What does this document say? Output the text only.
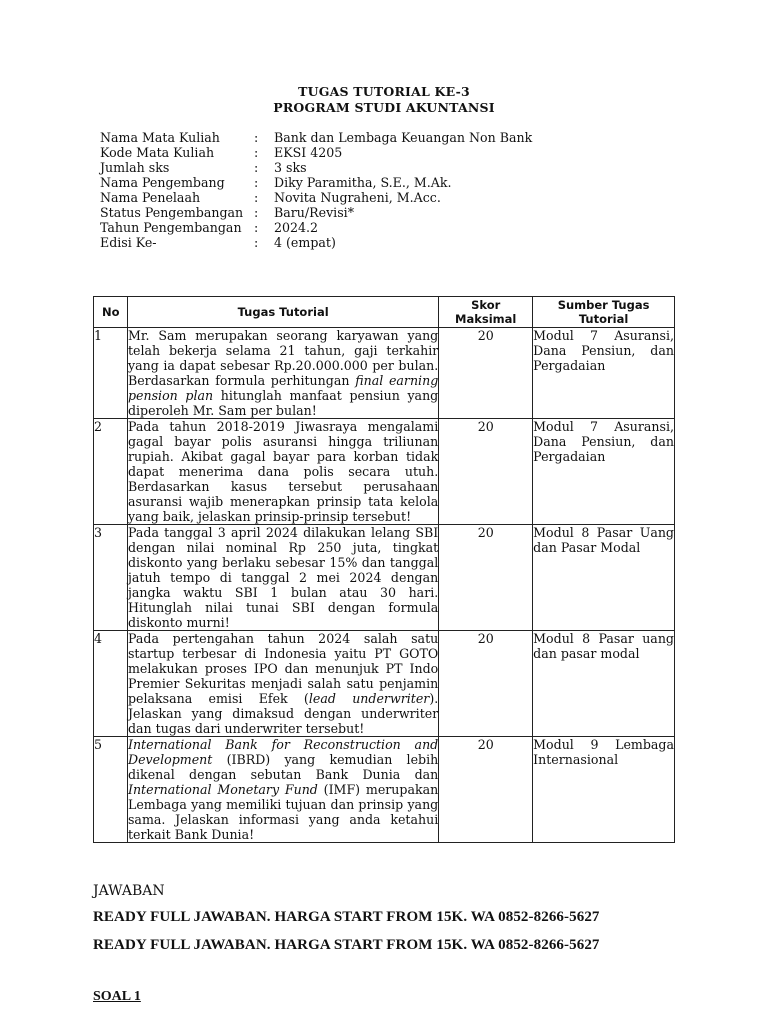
TUGAS TUTORIAL KE-3
PROGRAM STUDI AKUNTANSI
Nama Mata Kuliah	: Bank dan Lembaga Keuangan Non Bank
Kode Mata Kuliah	: EKSI 4205
Jumlah sks	: 3 sks
Nama Pengembang : Diky Paramitha, S.E., M.Ak.
Nama Penelaah	: Novita Nugraheni, M.Acc.
Status Pengembangan : Baru/Revisi*
Tahun Pengembangan : 2024.2
Edisi Ke-	: 4 (empat)
No	Tugas Tutorial	Skor Maksimal	Sumber Tugas Tutorial
1	Mr. Sam merupakan seorang karyawan yang telah bekerja selama 21 tahun, gaji terkahir yang ia dapat sebesar Rp.20.000.000 per bulan. Berdasarkan formula perhitungan final earning pension plan hitunglah manfaat pensiun yang diperoleh Mr. Sam per bulan!	20	Modul 7 Asuransi, Dana Pensiun, dan Pergadaian
2	Pada tahun 2018-2019 Jiwasraya mengalami gagal bayar polis asuransi hingga triliunan rupiah. Akibat gagal bayar para korban tidak dapat menerima dana polis secara utuh. Berdasarkan kasus tersebut perusahaan asuransi wajib menerapkan prinsip tata kelola yang baik, jelaskan prinsip-prinsip tersebut!	20	Modul 7 Asuransi, Dana Pensiun, dan Pergadaian
3	Pada tanggal 3 april 2024 dilakukan lelang SBI dengan nilai nominal Rp 250 juta, tingkat diskonto yang berlaku sebesar 15% dan tanggal jatuh tempo di tanggal 2 mei 2024 dengan jangka waktu SBI 1 bulan atau 30 hari. Hitunglah nilai tunai SBI dengan formula diskonto murni!	20	Modul 8 Pasar Uang dan Pasar Modal
4	Pada pertengahan tahun 2024 salah satu startup terbesar di Indonesia yaitu PT GOTO melakukan proses IPO dan menunjuk PT Indo Premier Sekuritas menjadi salah satu penjamin pelaksana emisi Efek (lead underwriter). Jelaskan yang dimaksud dengan underwriter dan tugas dari underwriter tersebut!	20	Modul 8 Pasar uang dan pasar modal
5	International Bank for Reconstruction and Development (IBRD) yang kemudian lebih dikenal dengan sebutan Bank Dunia dan International Monetary Fund (IMF) merupakan Lembaga yang memiliki tujuan dan prinsip yang sama. Jelaskan informasi yang anda ketahui terkait Bank Dunia!	20	Modul 9 Lembaga Internasional
JAWABAN
READY FULL JAWABAN. HARGA START FROM 15K. WA 0852-8266-5627
READY FULL JAWABAN. HARGA START FROM 15K. WA 0852-8266-5627
SOAL 1
